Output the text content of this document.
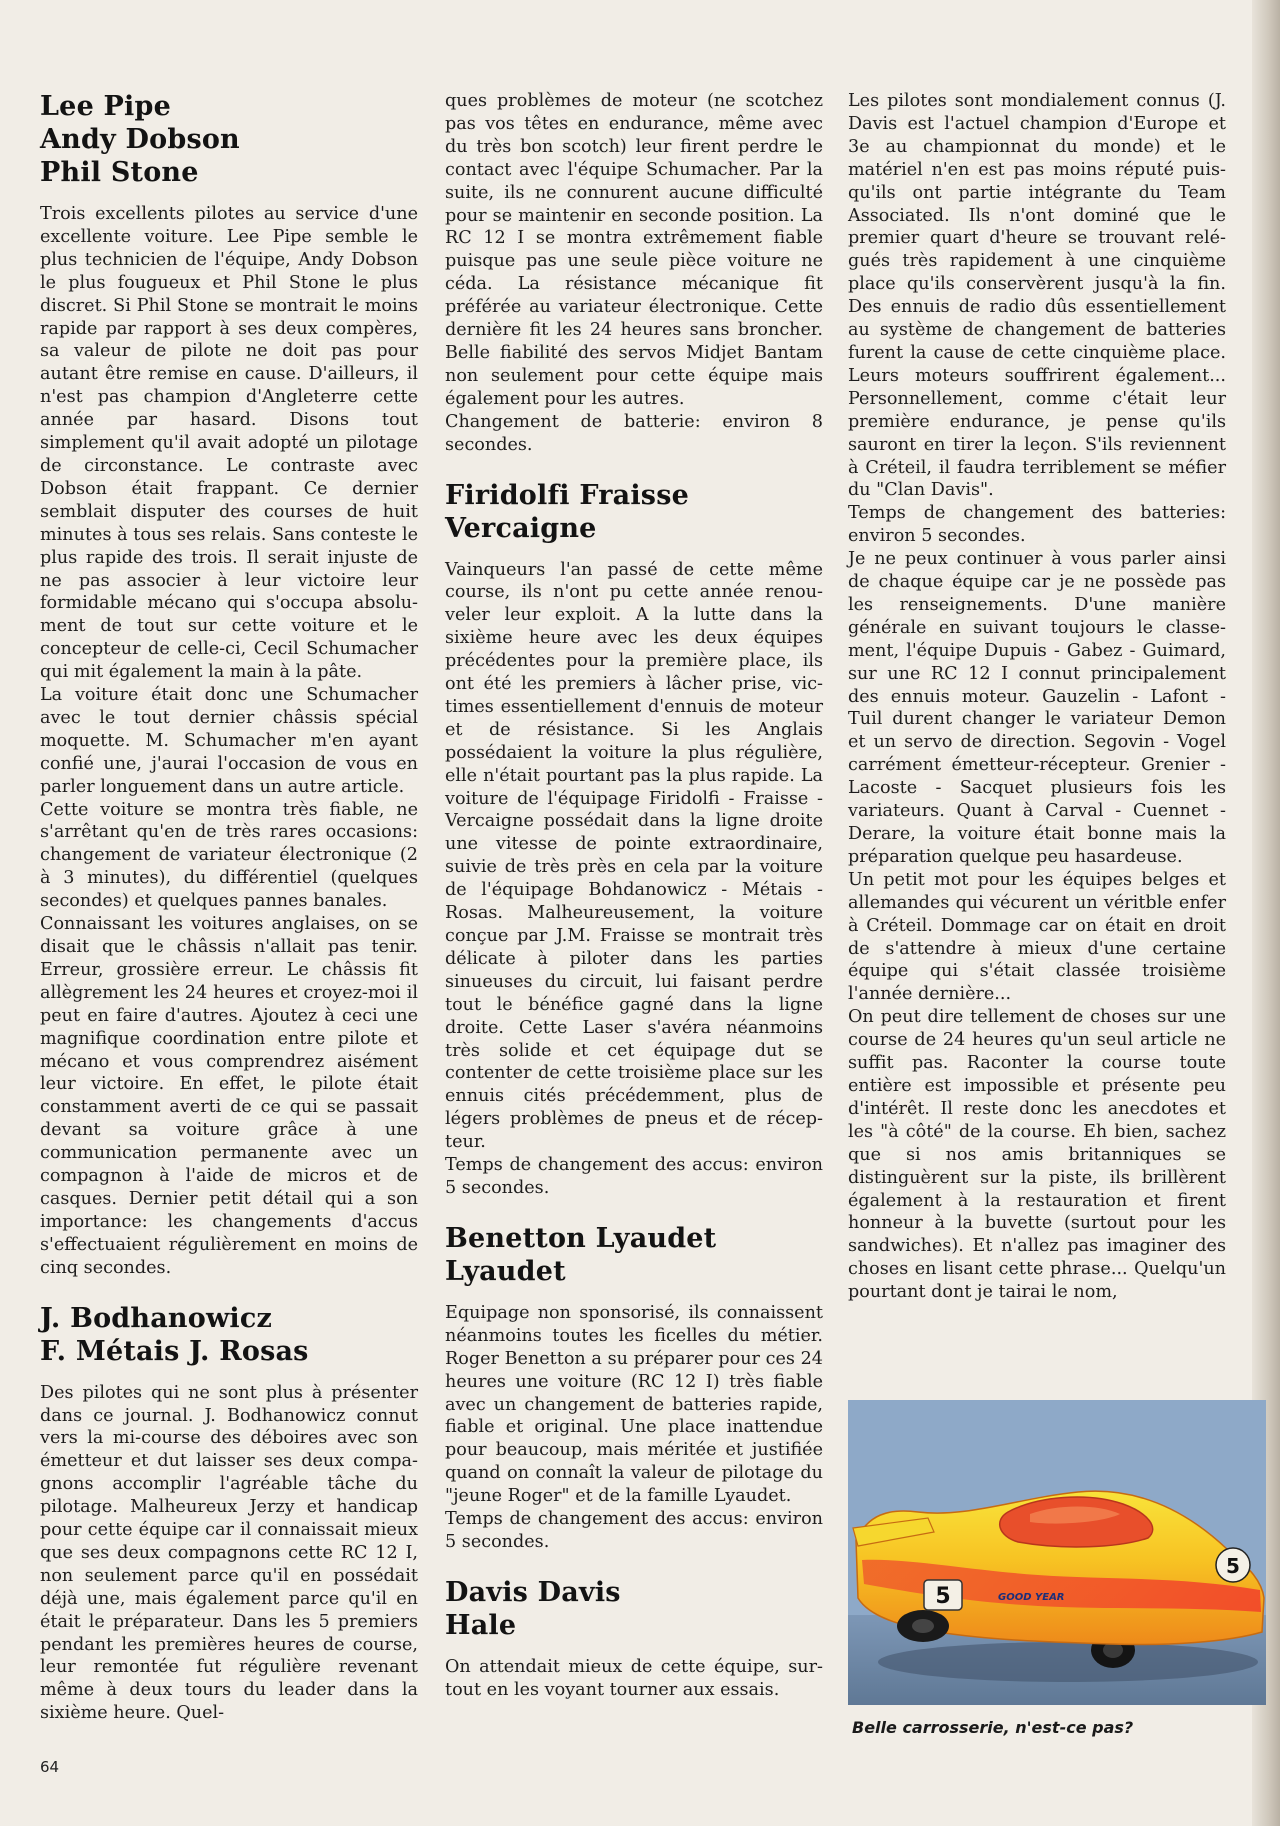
Lee Pipe
Andy Dobson
Phil Stone

Trois excellents pilotes au service d'une excellente voiture. Lee Pipe semble le plus technicien de l'équipe, Andy Dobson le plus fougueux et Phil Stone le plus discret. Si Phil Stone se montrait le moins rapide par rapport à ses deux compères, sa valeur de pilote ne doit pas pour autant être remise en cause. D'ailleurs, il n'est pas champion d'Angleterre cette année par hasard. Disons tout simplement qu'il avait adopté un pilotage de circonstance. Le contraste avec Dobson était frappant. Ce dernier semblait disputer des courses de huit minutes à tous ses relais. Sans conteste le plus rapide des trois. Il serait injuste de ne pas associer à leur victoire leur formidable mécano qui s'occupa absolument de tout sur cette voiture et le concepteur de celle-ci, Cecil Schumacher qui mit également la main à la pâte.

La voiture était donc une Schumacher avec le tout dernier châssis spécial moquette. M. Schumacher m'en ayant confié une, j'aurai l'occasion de vous en parler longuement dans un autre article.

Cette voiture se montra très fiable, ne s'arrêtant qu'en de très rares occasions: changement de variateur électronique (2 à 3 minutes), du différentiel (quelques secondes) et quelques pannes banales.

Connaissant les voitures anglaises, on se disait que le châssis n'allait pas tenir. Erreur, grossière erreur. Le châssis fit allègrement les 24 heures et croyez-moi il peut en faire d'autres. Ajoutez à ceci une magnifique coordination entre pilote et mécano et vous comprendrez aisément leur victoire. En effet, le pilote était constamment averti de ce qui se passait devant sa voiture grâce à une communication permanente avec un compagnon à l'aide de micros et de casques. Dernier petit détail qui a son importance: les changements d'accus s'effectuaient régulièrement en moins de cinq secondes.

J. Bodhanowicz
F. Métais J. Rosas

Des pilotes qui ne sont plus à présenter dans ce journal. J. Bodhanowicz connut vers la mi-course des déboires avec son émetteur et dut laisser ses deux compagnons accomplir l'agréable tâche du pilotage. Malheureux Jerzy et handicap pour cette équipe car il connaissait mieux que ses deux compagnons cette RC 12 I, non seulement parce qu'il en possédait déjà une, mais également parce qu'il en était le préparateur. Dans les 5 premiers pendant les premières heures de course, leur remontée fut régulière revenant même à deux tours du leader dans la sixième heure. Quel-

ques problèmes de moteur (ne scotchez pas vos têtes en endurance, même avec du très bon scotch) leur firent perdre le contact avec l'équipe Schumacher. Par la suite, ils ne connurent aucune difficulté pour se maintenir en seconde position. La RC 12 I se montra extrêmement fiable puisque pas une seule pièce voiture ne céda. La résistance mécanique fit préférée au variateur électronique. Cette dernière fit les 24 heures sans broncher. Belle fiabilité des servos Midjet Bantam non seulement pour cette équipe mais également pour les autres.

Changement de batterie: environ 8 secondes.

Firidolfi Fraisse
Vercaigne

Vainqueurs l'an passé de cette même course, ils n'ont pu cette année renouveler leur exploit. A la lutte dans la sixième heure avec les deux équipes précédentes pour la première place, ils ont été les premiers à lâcher prise, victimes essentiellement d'ennuis de moteur et de résistance. Si les Anglais possédaient la voiture la plus régulière, elle n'était pourtant pas la plus rapide. La voiture de l'équipage Firidolfi - Fraisse - Vercaigne possédait dans la ligne droite une vitesse de pointe extraordinaire, suivie de très près en cela par la voiture de l'équipage Bohdanowicz - Métais - Rosas. Malheureusement, la voiture conçue par J.M. Fraisse se montrait très délicate à piloter dans les parties sinueuses du circuit, lui faisant perdre tout le bénéfice gagné dans la ligne droite. Cette Laser s'avéra néanmoins très solide et cet équipage dut se contenter de cette troisième place sur les ennuis cités précédemment, plus de légers problèmes de pneus et de récepteur.

Temps de changement des accus: environ 5 secondes.

Benetton Lyaudet
Lyaudet

Equipage non sponsorisé, ils connaissent néanmoins toutes les ficelles du métier. Roger Benetton a su préparer pour ces 24 heures une voiture (RC 12 I) très fiable avec un changement de batteries rapide, fiable et original. Une place inattendue pour beaucoup, mais méritée et justifiée quand on connaît la valeur de pilotage du "jeune Roger" et de la famille Lyaudet.

Temps de changement des accus: environ 5 secondes.

Davis Davis
Hale

On attendait mieux de cette équipe, surtout en les voyant tourner aux essais.

Les pilotes sont mondialement connus (J. Davis est l'actuel champion d'Europe et 3e au championnat du monde) et le matériel n'en est pas moins réputé puisqu'ils ont partie intégrante du Team Associated. Ils n'ont dominé que le premier quart d'heure se trouvant relégués très rapidement à une cinquième place qu'ils conservèrent jusqu'à la fin. Des ennuis de radio dûs essentiellement au système de changement de batteries furent la cause de cette cinquième place. Leurs moteurs souffrirent également... Personnellement, comme c'était leur première endurance, je pense qu'ils sauront en tirer la leçon. S'ils reviennent à Créteil, il faudra terriblement se méfier du "Clan Davis".

Temps de changement des batteries: environ 5 secondes.

Je ne peux continuer à vous parler ainsi de chaque équipe car je ne possède pas les renseignements. D'une manière générale en suivant toujours le classement, l'équipe Dupuis - Gabez - Guimard, sur une RC 12 I connut principalement des ennuis moteur. Gauzelin - Lafont - Tuil durent changer le variateur Demon et un servo de direction. Segovin - Vogel carrément émetteur-récepteur. Grenier - Lacoste - Sacquet plusieurs fois les variateurs. Quant à Carval - Cuennet - Derare, la voiture était bonne mais la préparation quelque peu hasardeuse.

Un petit mot pour les équipes belges et allemandes qui vécurent un véritble enfer à Créteil. Dommage car on était en droit de s'attendre à mieux d'une certaine équipe qui s'était classée troisième l'année dernière...

On peut dire tellement de choses sur une course de 24 heures qu'un seul article ne suffit pas. Raconter la course toute entière est impossible et présente peu d'intérêt. Il reste donc les anecdotes et les "à côté" de la course. Eh bien, sachez que si nos amis britanniques se distinguèrent sur la piste, ils brillèrent également à la restauration et firent honneur à la buvette (surtout pour les sandwiches). Et n'allez pas imaginer des choses en lisant cette phrase... Quelqu'un pourtant dont je tairai le nom,

5
5
GOOD YEAR
Belle carrosserie, n'est-ce pas?
64
